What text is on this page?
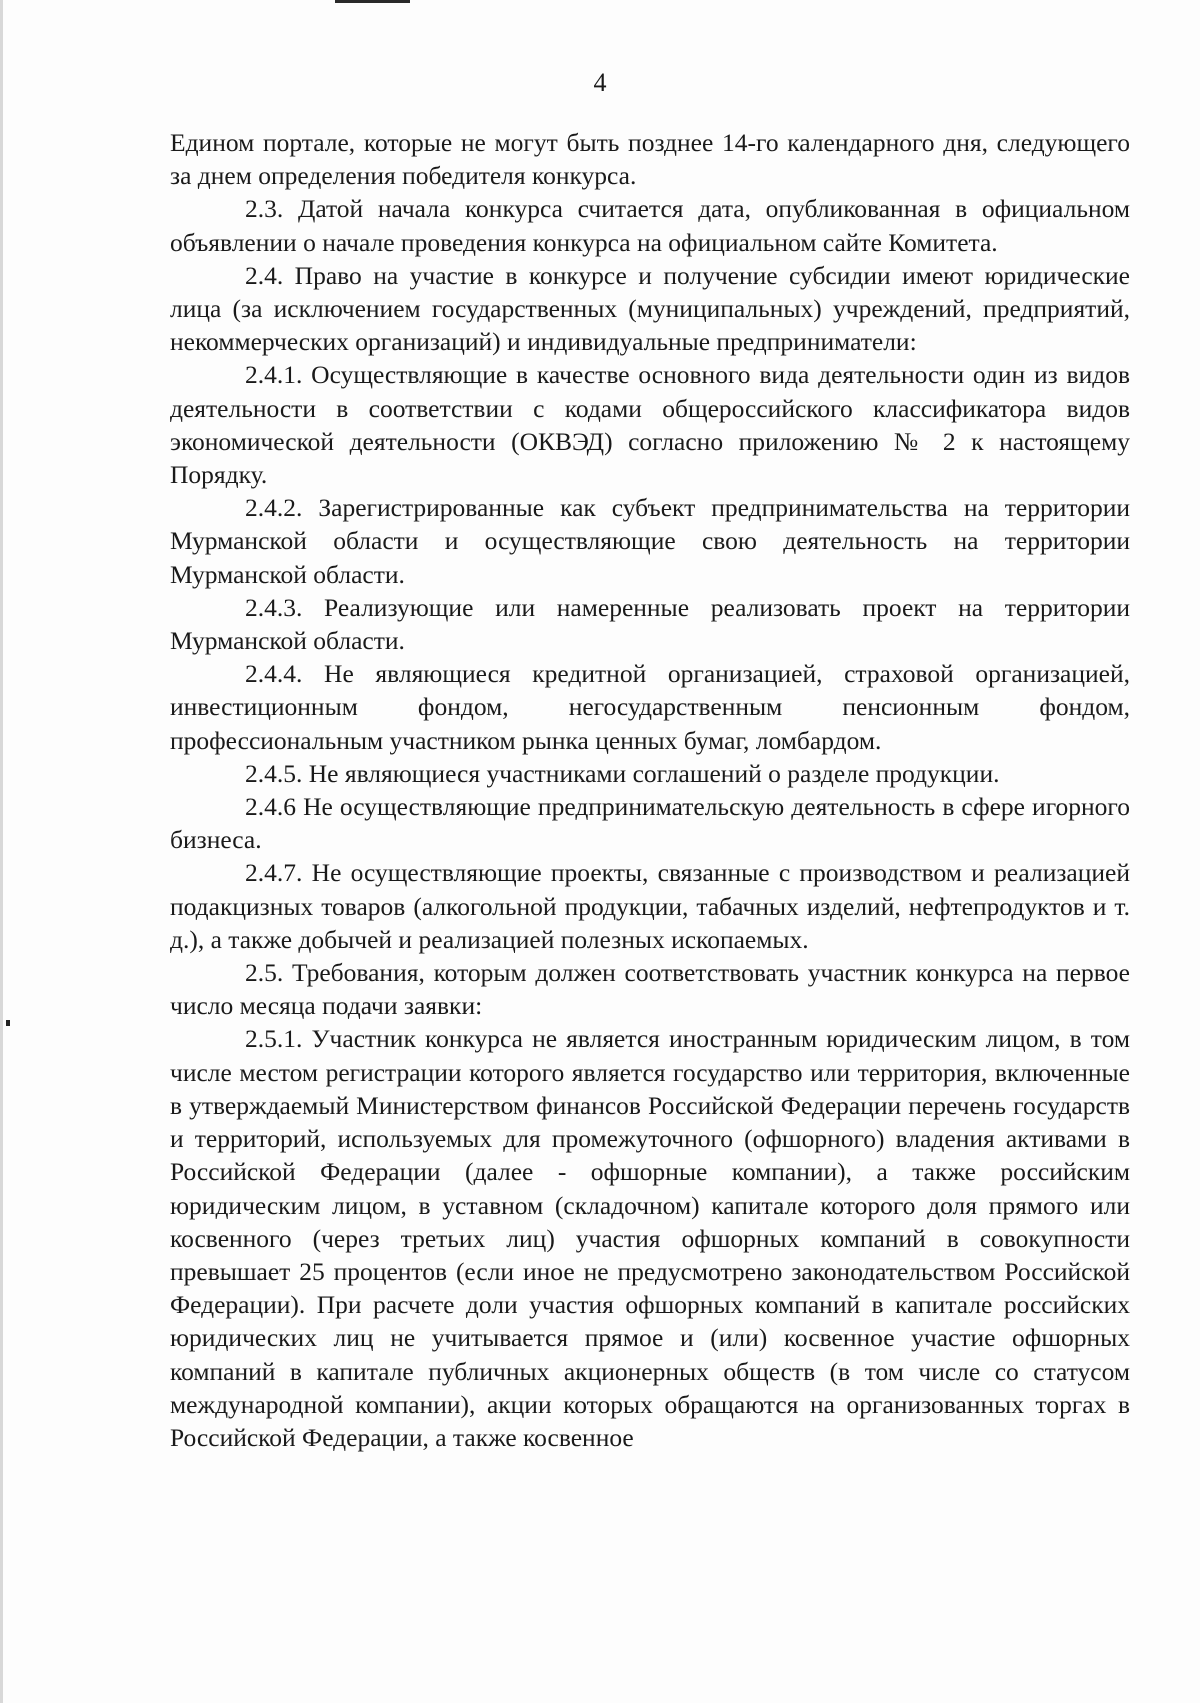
4

Едином портале, которые не могут быть позднее 14-го календарного дня, следующего за днем определения победителя конкурса.

2.3. Датой начала конкурса считается дата, опубликованная в официальном объявлении о начале проведения конкурса на официальном сайте Комитета.

2.4. Право на участие в конкурсе и получение субсидии имеют юридические лица (за исключением государственных (муниципальных) учреждений, предприятий, некоммерческих организаций) и индивидуальные предприниматели:

2.4.1. Осуществляющие в качестве основного вида деятельности один из видов деятельности в соответствии с кодами общероссийского классификатора видов экономической деятельности (ОКВЭД) согласно приложению № 2 к настоящему Порядку.

2.4.2. Зарегистрированные как субъект предпринимательства на территории Мурманской области и осуществляющие свою деятельность на территории Мурманской области.

2.4.3. Реализующие или намеренные реализовать проект на территории Мурманской области.

2.4.4. Не являющиеся кредитной организацией, страховой организацией, инвестиционным фондом, негосударственным пенсионным фондом, профессиональным участником рынка ценных бумаг, ломбардом.

2.4.5. Не являющиеся участниками соглашений о разделе продукции.

2.4.6 Не осуществляющие предпринимательскую деятельность в сфере игорного бизнеса.

2.4.7. Не осуществляющие проекты, связанные с производством и реализацией подакцизных товаров (алкогольной продукции, табачных изделий, нефтепродуктов и т. д.), а также добычей и реализацией полезных ископаемых.

2.5. Требования, которым должен соответствовать участник конкурса на первое число месяца подачи заявки:

2.5.1. Участник конкурса не является иностранным юридическим лицом, в том числе местом регистрации которого является государство или территория, включенные в утверждаемый Министерством финансов Российской Федерации перечень государств и территорий, используемых для промежуточного (офшорного) владения активами в Российской Федерации (далее - офшорные компании), а также российским юридическим лицом, в уставном (складочном) капитале которого доля прямого или косвенного (через третьих лиц) участия офшорных компаний в совокупности превышает 25 процентов (если иное не предусмотрено законодательством Российской Федерации). При расчете доли участия офшорных компаний в капитале российских юридических лиц не учитывается прямое и (или) косвенное участие офшорных компаний в капитале публичных акционерных обществ (в том числе со статусом международной компании), акции которых обращаются на организованных торгах в Российской Федерации, а также косвенное
